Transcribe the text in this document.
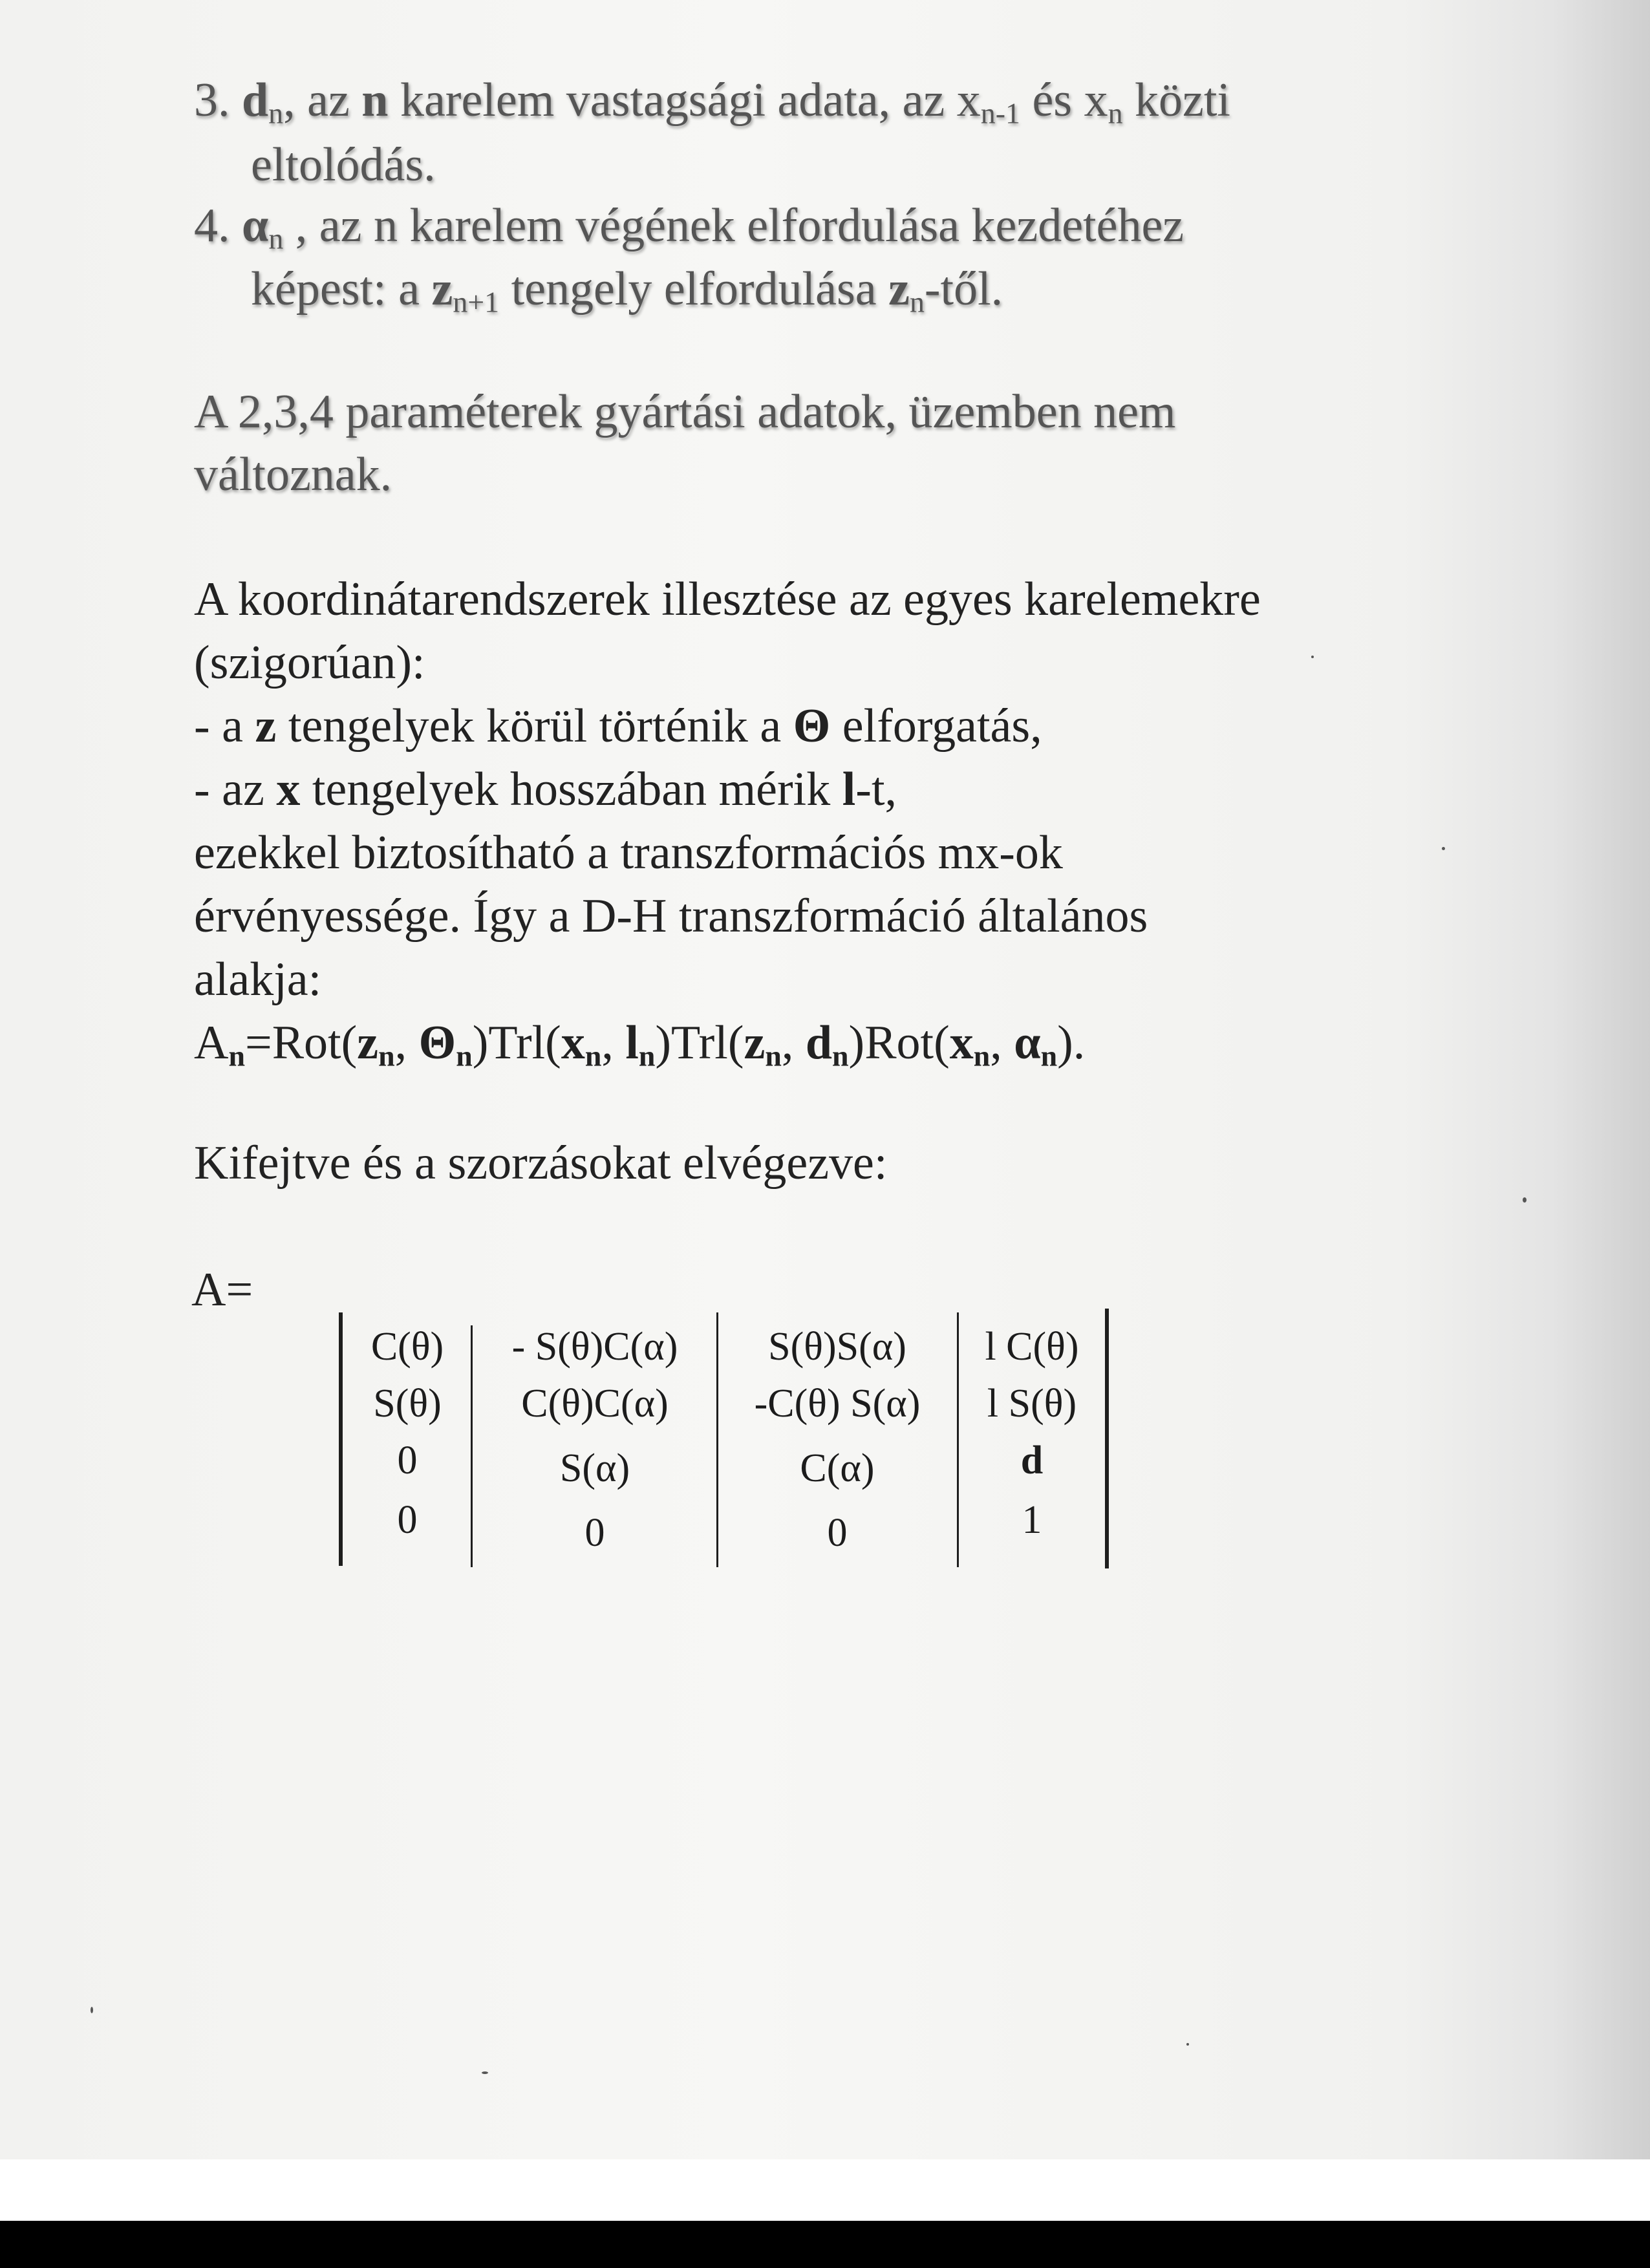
3. $d_n$, az n karelem vastagsági adata, az $x_{n-1}$ és $x_n$ közti
eltolódás.
4. $\alpha_n$ , az n karelem végének elfordulása kezdetéhez
képest: a $z_{n+1}$ tengely elfordulása $z_n$-től.
A 2,3,4 paraméterek gyártási adatok, üzemben nem
változnak.
A koordinátarendszerek illesztése az egyes karelemekre
(szigorúan):
- a z tengelyek körül történik a Θ elforgatás,
- az x tengelyek hosszában mérik l-t,
ezekkel biztosítható a transzformációs mx-ok
érvényessége. Így a D-H transzformáció általános
alakja:
$A_n=Rot(z_n$, $\Theta_n)Trl(x_n$, $l_n)Trl(z_n$, $d_n)Rot(x_n$, $\alpha_n$).
Kifejtve és a szorzásokat elvégezve:
A=
C(θ)	- S(θ)C(α)	S(θ)S(α)	l C(θ)
S(θ)	C(θ)C(α)	-C(θ) S(α)	l S(θ)
0	S(α)	C(α)	d
0	0	0	1
